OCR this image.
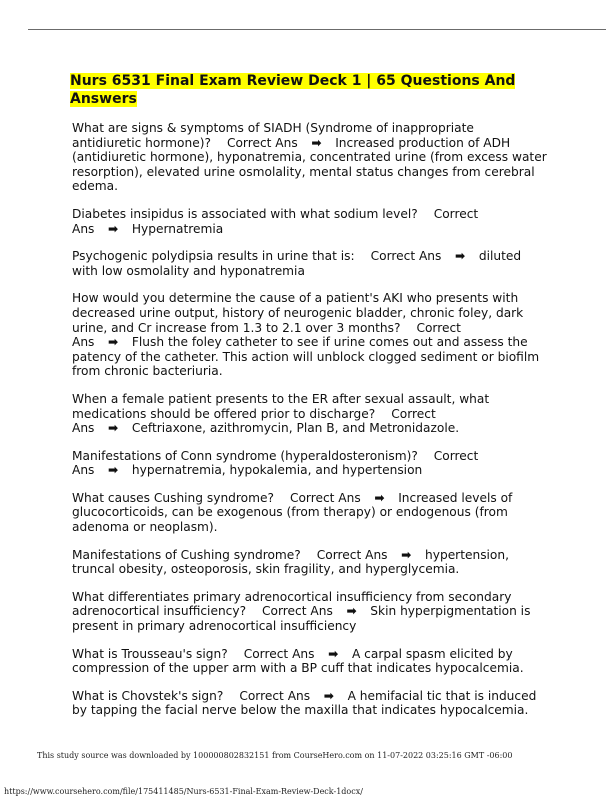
Nurs 6531 Final Exam Review Deck 1 | 65 Questions And Answers

What are signs & symptoms of SIADH (Syndrome of inappropriate antidiuretic hormone)? Correct Ans ➡ Increased production of ADH (antidiuretic hormone), hyponatremia, concentrated urine (from excess water resorption), elevated urine osmolality, mental status changes from cerebral edema.

Diabetes insipidus is associated with what sodium level? Correct Ans ➡ Hypernatremia

Psychogenic polydipsia results in urine that is: Correct Ans ➡ diluted with low osmolality and hyponatremia

How would you determine the cause of a patient's AKI who presents with decreased urine output, history of neurogenic bladder, chronic foley, dark urine, and Cr increase from 1.3 to 2.1 over 3 months? Correct Ans ➡ Flush the foley catheter to see if urine comes out and assess the patency of the catheter. This action will unblock clogged sediment or biofilm from chronic bacteriuria.

When a female patient presents to the ER after sexual assault, what medications should be offered prior to discharge? Correct Ans ➡ Ceftriaxone, azithromycin, Plan B, and Metronidazole.

Manifestations of Conn syndrome (hyperaldosteronism)? Correct Ans ➡ hypernatremia, hypokalemia, and hypertension

What causes Cushing syndrome? Correct Ans ➡ Increased levels of glucocorticoids, can be exogenous (from therapy) or endogenous (from adenoma or neoplasm).

Manifestations of Cushing syndrome? Correct Ans ➡ hypertension, truncal obesity, osteoporosis, skin fragility, and hyperglycemia.

What differentiates primary adrenocortical insufficiency from secondary adrenocortical insufficiency? Correct Ans ➡ Skin hyperpigmentation is present in primary adrenocortical insufficiency

What is Trousseau's sign? Correct Ans ➡ A carpal spasm elicited by compression of the upper arm with a BP cuff that indicates hypocalcemia.

What is Chovstek's sign? Correct Ans ➡ A hemifacial tic that is induced by tapping the facial nerve below the maxilla that indicates hypocalcemia.

This study source was downloaded by 100000802832151 from CourseHero.com on 11-07-2022 03:25:16 GMT -06:00
https://www.coursehero.com/file/175411485/Nurs-6531-Final-Exam-Review-Deck-1docx/
